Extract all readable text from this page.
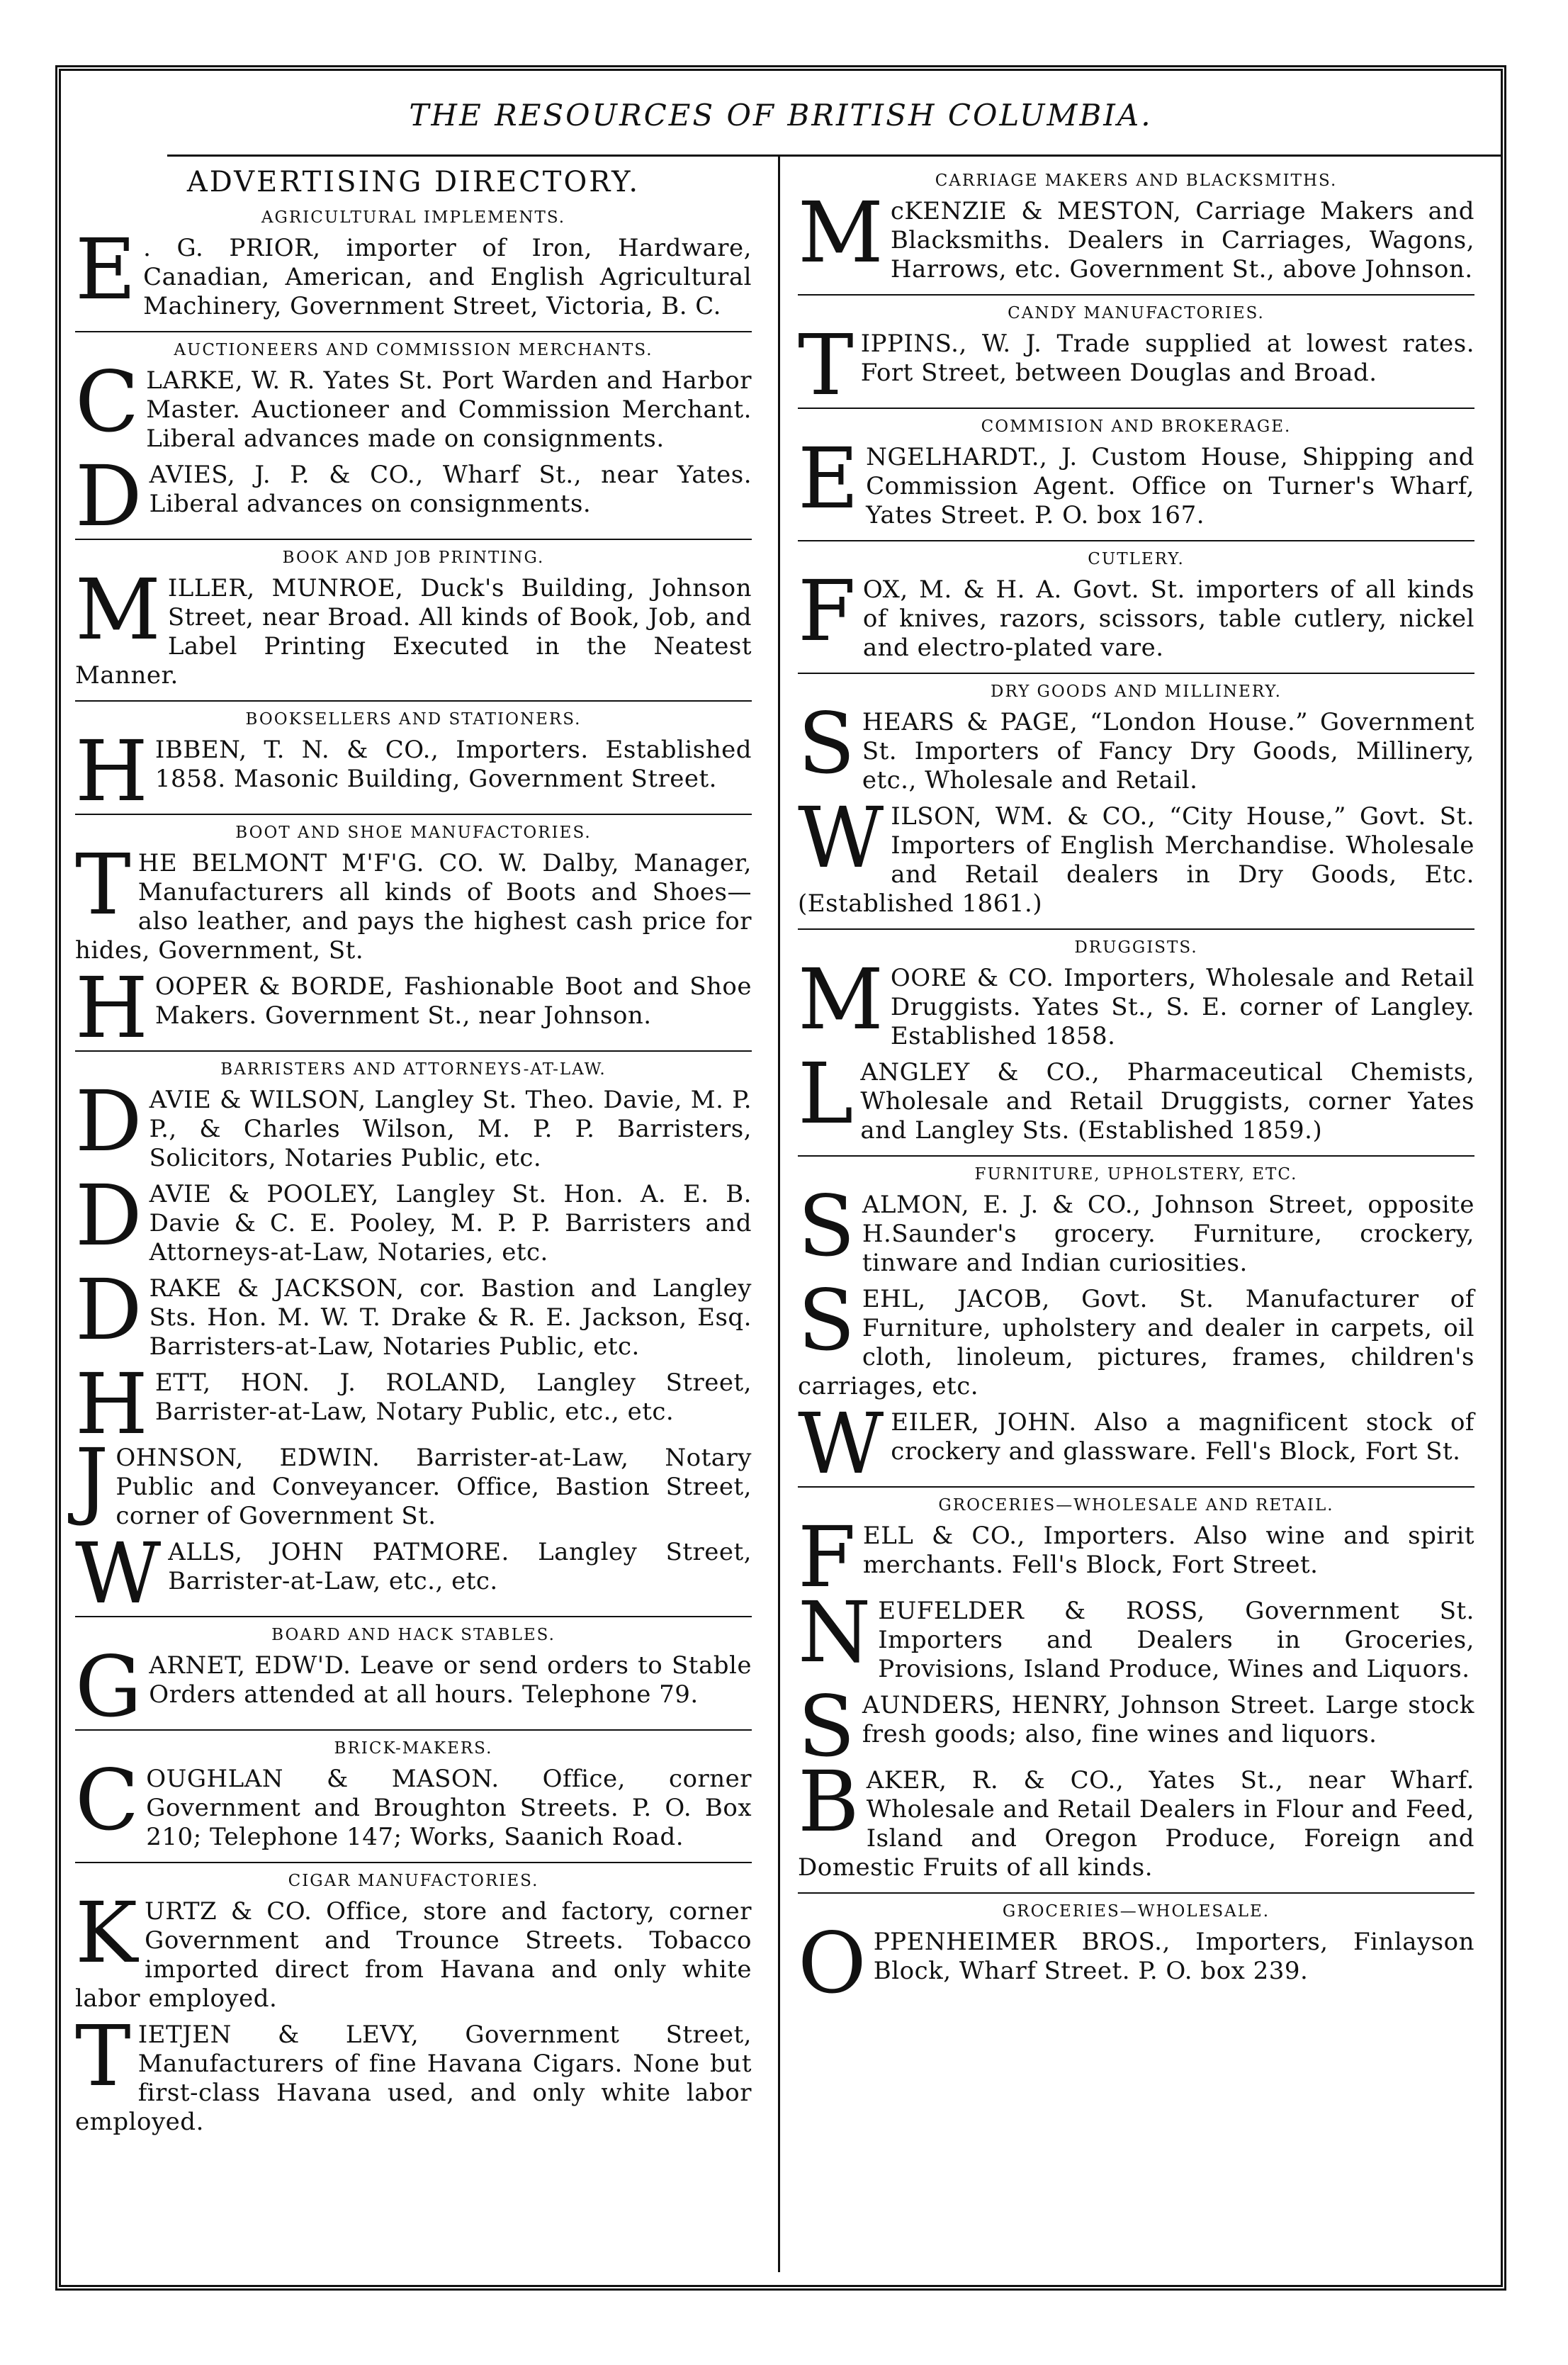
THE RESOURCES OF BRITISH COLUMBIA.
ADVERTISING DIRECTORY.
AGRICULTURAL IMPLEMENTS.
E . G. PRIOR, importer of Iron, Hardware, Canadian, American, and English Agricultural Machinery, Government Street, Victoria, B. C.
AUCTIONEERS AND COMMISSION MERCHANTS.
CLARKE, W. R. Yates St. Port Warden and Harbor Master. Auctioneer and Commission Merchant. Liberal advances made on consignments.
DAVIES, J. P. & CO., Wharf St., near Yates. Liberal advances on consignments.
BOOK AND JOB PRINTING.
MILLER, MUNROE, Duck's Building, Johnson Street, near Broad. All kinds of Book, Job, and Label Printing Executed in the Neatest Manner.
BOOKSELLERS AND STATIONERS.
HIBBEN, T. N. & CO., Importers. Established 1858. Masonic Building, Government Street.
BOOT AND SHOE MANUFACTORIES.
THE BELMONT M'F'G. CO. W. Dalby, Manager, Manufacturers all kinds of Boots and Shoes—also leather, and pays the highest cash price for hides, Government, St.
HOOPER & BORDE, Fashionable Boot and Shoe Makers. Government St., near Johnson.
BARRISTERS AND ATTORNEYS-AT-LAW.
DAVIE & WILSON, Langley St. Theo. Davie, M. P. P., & Charles Wilson, M. P. P. Barristers, Solicitors, Notaries Public, etc.
DAVIE & POOLEY, Langley St. Hon. A. E. B. Davie & C. E. Pooley, M. P. P. Barristers and Attorneys-at-Law, Notaries, etc.
DRAKE & JACKSON, cor. Bastion and Langley Sts. Hon. M. W. T. Drake & R. E. Jackson, Esq. Barristers-at-Law, Notaries Public, etc.
HETT, HON. J. ROLAND, Langley Street, Barrister-at-Law, Notary Public, etc., etc.
JOHNSON, EDWIN. Barrister-at-Law, Notary Public and Conveyancer. Office, Bastion Street, corner of Government St.
WALLS, JOHN PATMORE. Langley Street, Barrister-at-Law, etc., etc.
BOARD AND HACK STABLES.
GARNET, EDW'D. Leave or send orders to Stable Orders attended at all hours. Telephone 79.
BRICK-MAKERS.
COUGHLAN & MASON. Office, corner Government and Broughton Streets. P. O. Box 210; Telephone 147; Works, Saanich Road.
CIGAR MANUFACTORIES.
KURTZ & CO. Office, store and factory, corner Government and Trounce Streets. Tobacco imported direct from Havana and only white labor employed.
TIETJEN & LEVY, Government Street, Manufacturers of fine Havana Cigars. None but first-class Havana used, and only white labor employed.
CARRIAGE MAKERS AND BLACKSMITHS.
McKENZIE & MESTON, Carriage Makers and Blacksmiths. Dealers in Carriages, Wagons, Harrows, etc. Government St., above Johnson.
CANDY MANUFACTORIES.
TIPPINS., W. J. Trade supplied at lowest rates. Fort Street, between Douglas and Broad.
COMMISION AND BROKERAGE.
ENGELHARDT., J. Custom House, Shipping and Commission Agent. Office on Turner's Wharf, Yates Street. P. O. box 167.
CUTLERY.
FOX, M. & H. A. Govt. St. importers of all kinds of knives, razors, scissors, table cutlery, nickel and electro-plated vare.
DRY GOODS AND MILLINERY.
SHEARS & PAGE, “London House.” Government St. Importers of Fancy Dry Goods, Millinery, etc., Wholesale and Retail.
WILSON, WM. & CO., “City House,” Govt. St. Importers of English Merchandise. Wholesale and Retail dealers in Dry Goods, Etc. (Established 1861.)
DRUGGISTS.
MOORE & CO. Importers, Wholesale and Retail Druggists. Yates St., S. E. corner of Langley. Established 1858.
LANGLEY & CO., Pharmaceutical Chemists, Wholesale and Retail Druggists, corner Yates and Langley Sts. (Established 1859.)
FURNITURE, UPHOLSTERY, ETC.
SALMON, E. J. & CO., Johnson Street, opposite H.Saunder's grocery. Furniture, crockery, tinware and Indian curiosities.
SEHL, JACOB, Govt. St. Manufacturer of Furniture, upholstery and dealer in carpets, oil cloth, linoleum, pictures, frames, children's carriages, etc.
WEILER, JOHN. Also a magnificent stock of crockery and glassware. Fell's Block, Fort St.
GROCERIES—WHOLESALE AND RETAIL.
FELL & CO., Importers. Also wine and spirit merchants. Fell's Block, Fort Street.
NEUFELDER & ROSS, Government St. Importers and Dealers in Groceries, Provisions, Island Produce, Wines and Liquors.
SAUNDERS, HENRY, Johnson Street. Large stock fresh goods; also, fine wines and liquors.
BAKER, R. & CO., Yates St., near Wharf. Wholesale and Retail Dealers in Flour and Feed, Island and Oregon Produce, Foreign and Domestic Fruits of all kinds.
GROCERIES—WHOLESALE.
OPPENHEIMER BROS., Importers, Finlayson Block, Wharf Street. P. O. box 239.
